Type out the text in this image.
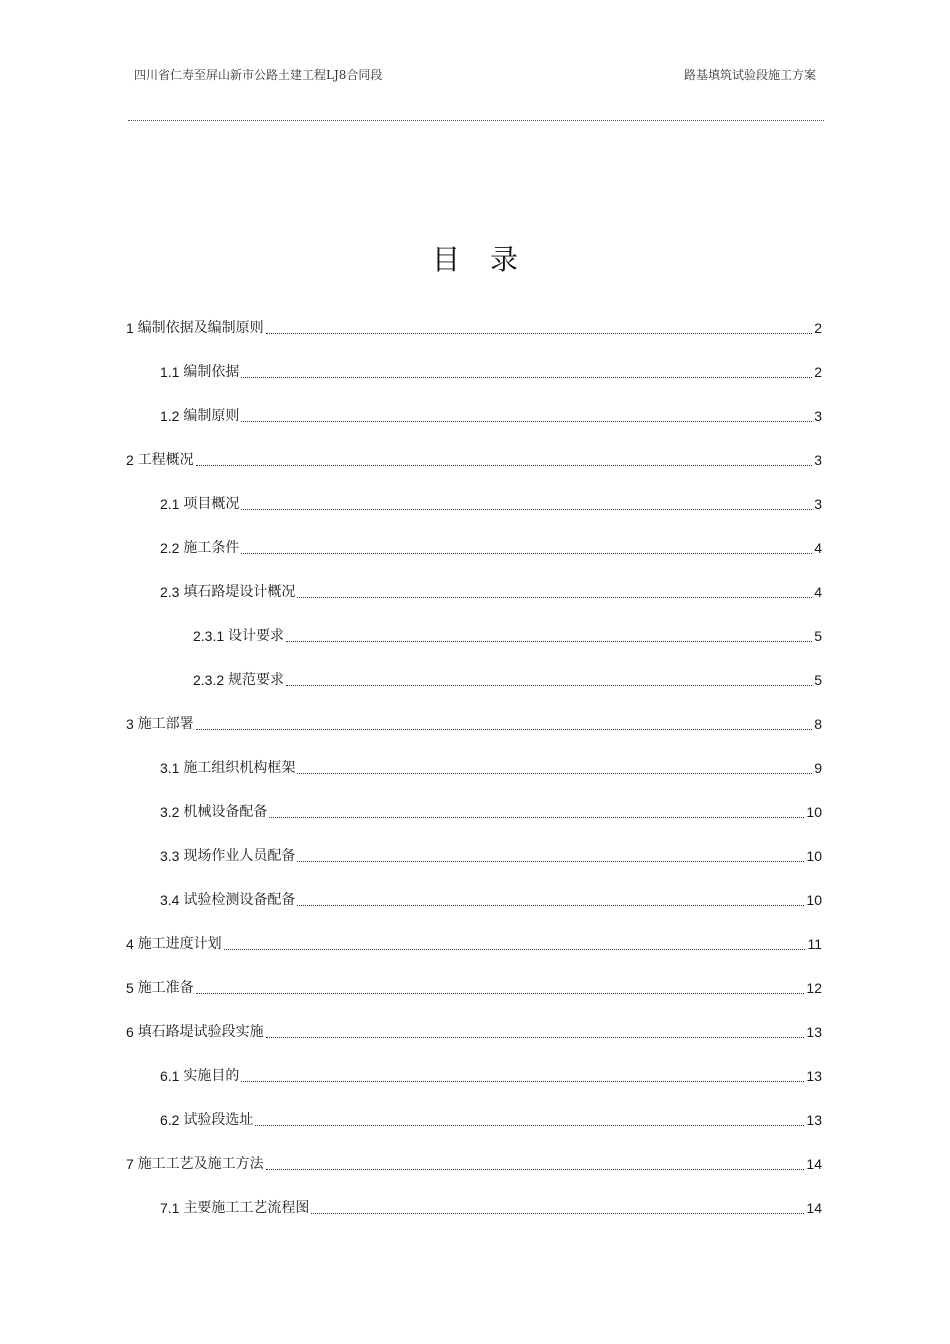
四川省仁寿至屏山新市公路土建工程LJ8合同段	路基填筑试验段施工方案
目录
1 编制依据及编制原则	2
1.1 编制依据	2
1.2 编制原则	3
2 工程概况	3
2.1 项目概况	3
2.2 施工条件	4
2.3 填石路堤设计概况	4
2.3.1 设计要求	5
2.3.2 规范要求	5
3 施工部署	8
3.1 施工组织机构框架	9
3.2 机械设备配备	10
3.3 现场作业人员配备	10
3.4 试验检测设备配备	10
4 施工进度计划	11
5 施工准备	12
6 填石路堤试验段实施	13
6.1 实施目的	13
6.2 试验段选址	13
7 施工工艺及施工方法	14
7.1 主要施工工艺流程图	14
